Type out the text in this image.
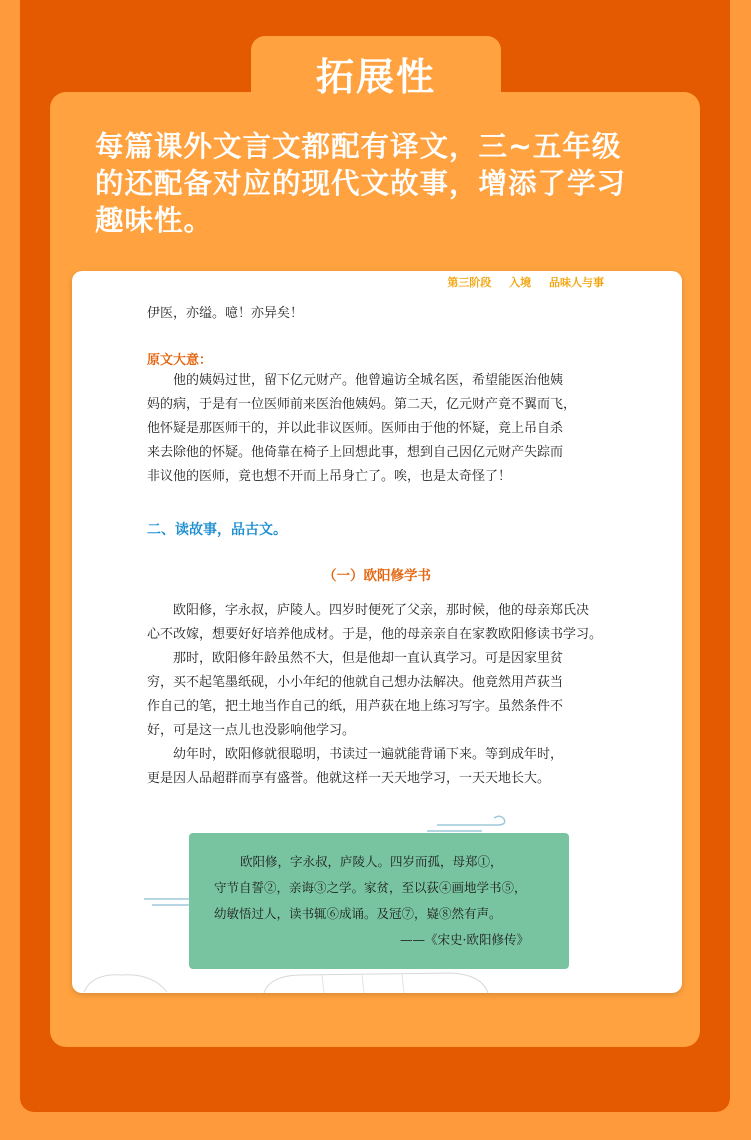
拓展性
每篇课外文言文都配有译文，三~五年级
的还配备对应的现代文故事，增添了学习
趣味性。
第三阶段 入境 品味人与事
伊医，亦缢。噫！亦异矣！
原文大意：

他的姨妈过世，留下亿元财产。他曾遍访全城名医，希望能医治他姨

妈的病，于是有一位医师前来医治他姨妈。第二天，亿元财产竟不翼而飞，

他怀疑是那医师干的，并以此非议医师。医师由于他的怀疑，竟上吊自杀

来去除他的怀疑。他倚靠在椅子上回想此事，想到自己因亿元财产失踪而

非议他的医师，竟也想不开而上吊身亡了。唉，也是太奇怪了！

二、读故事，品古文。
（一）欧阳修学书

欧阳修，字永叔，庐陵人。四岁时便死了父亲，那时候，他的母亲郑氏决

心不改嫁，想要好好培养他成材。于是，他的母亲亲自在家教欧阳修读书学习。

那时，欧阳修年龄虽然不大，但是他却一直认真学习。可是因家里贫

穷，买不起笔墨纸砚，小小年纪的他就自己想办法解决。他竟然用芦荻当

作自己的笔，把土地当作自己的纸，用芦荻在地上练习写字。虽然条件不

好，可是这一点儿也没影响他学习。

幼年时，欧阳修就很聪明，书读过一遍就能背诵下来。等到成年时，

更是因人品超群而享有盛誉。他就这样一天天地学习，一天天地长大。

欧阳修，字永叔，庐陵人。四岁而孤，母郑①，

守节自誓②，亲诲③之学。家贫，至以荻④画地学书⑤，

幼敏悟过人，读书辄⑥成诵。及冠⑦，嶷⑧然有声。

——《宋史·欧阳修传》
